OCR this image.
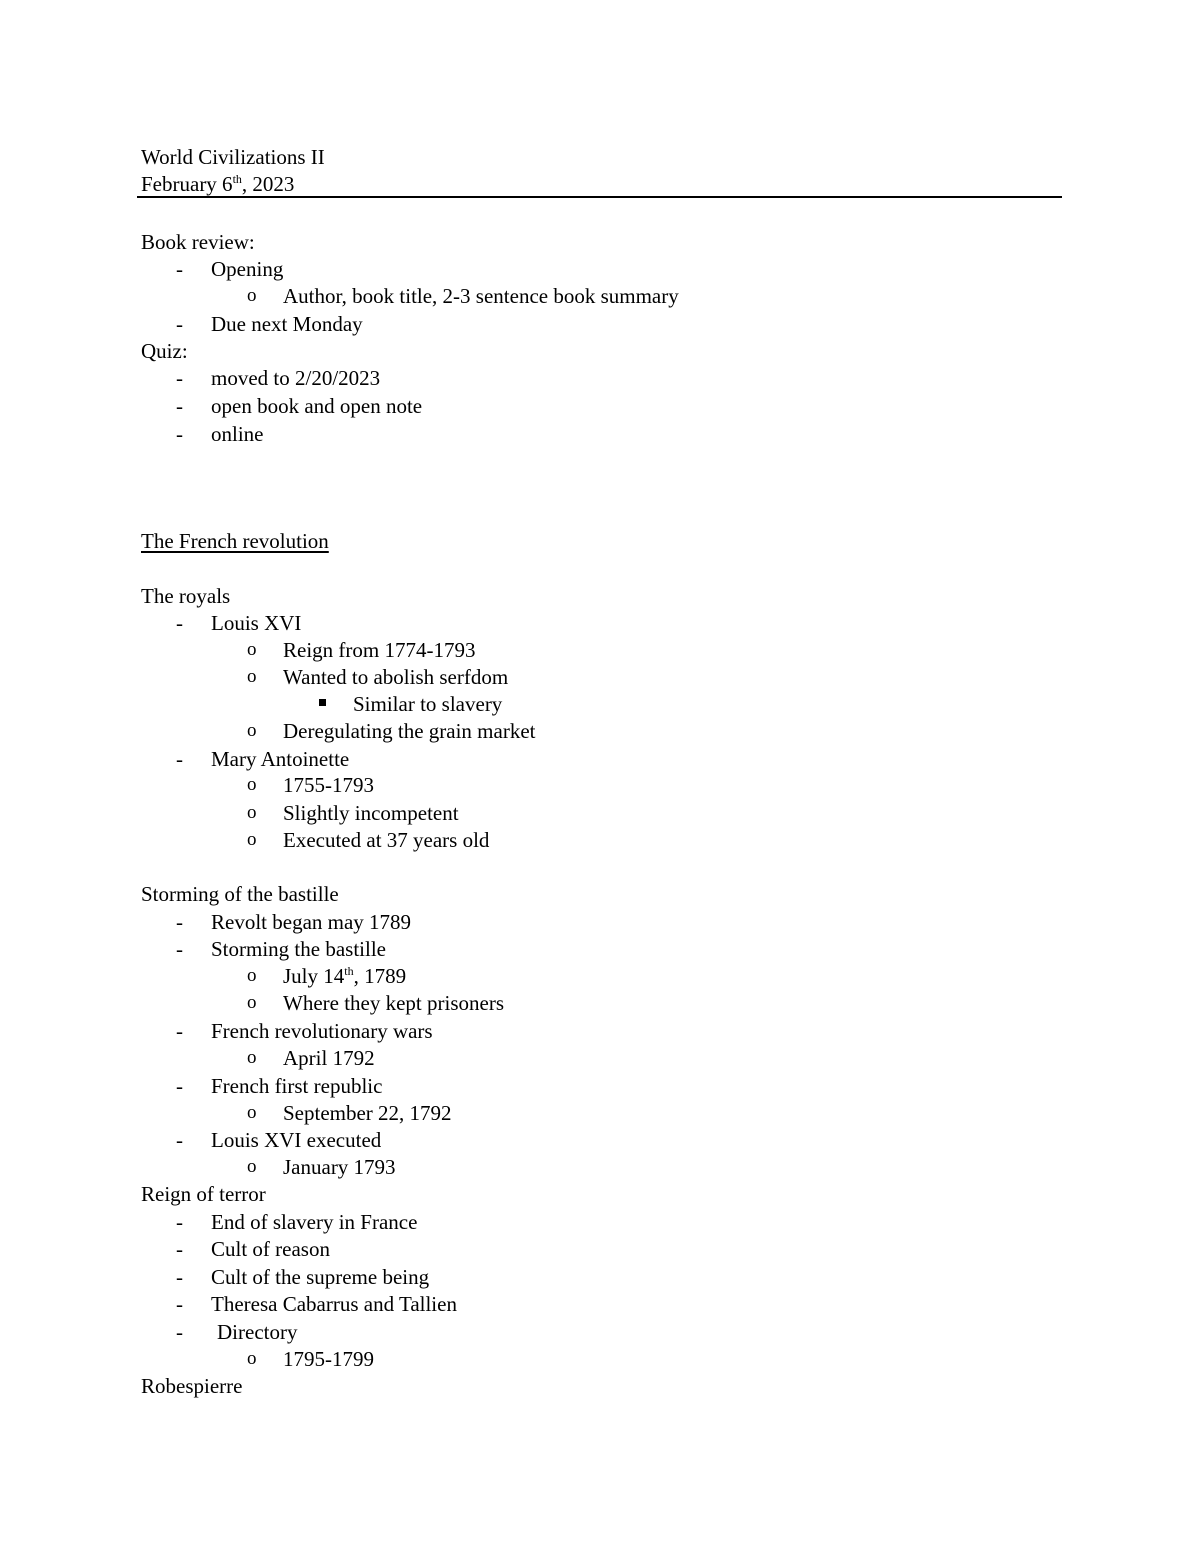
World Civilizations II
February 6th, 2023
Book review:
- Opening
o Author, book title, 2-3 sentence book summary
- Due next Monday
Quiz:
- moved to 2/20/2023
- open book and open note
- online
The French revolution
The royals
- Louis XVI
o Reign from 1774-1793
o Wanted to abolish serfdom
Similar to slavery
o Deregulating the grain market
- Mary Antoinette
o 1755-1793
o Slightly incompetent
o Executed at 37 years old
Storming of the bastille
- Revolt began may 1789
- Storming the bastille
o July 14th, 1789
o Where they kept prisoners
- French revolutionary wars
o April 1792
- French first republic
o September 22, 1792
- Louis XVI executed
o January 1793
Reign of terror
- End of slavery in France
- Cult of reason
- Cult of the supreme being
- Theresa Cabarrus and Tallien
- Directory
o 1795-1799
Robespierre
